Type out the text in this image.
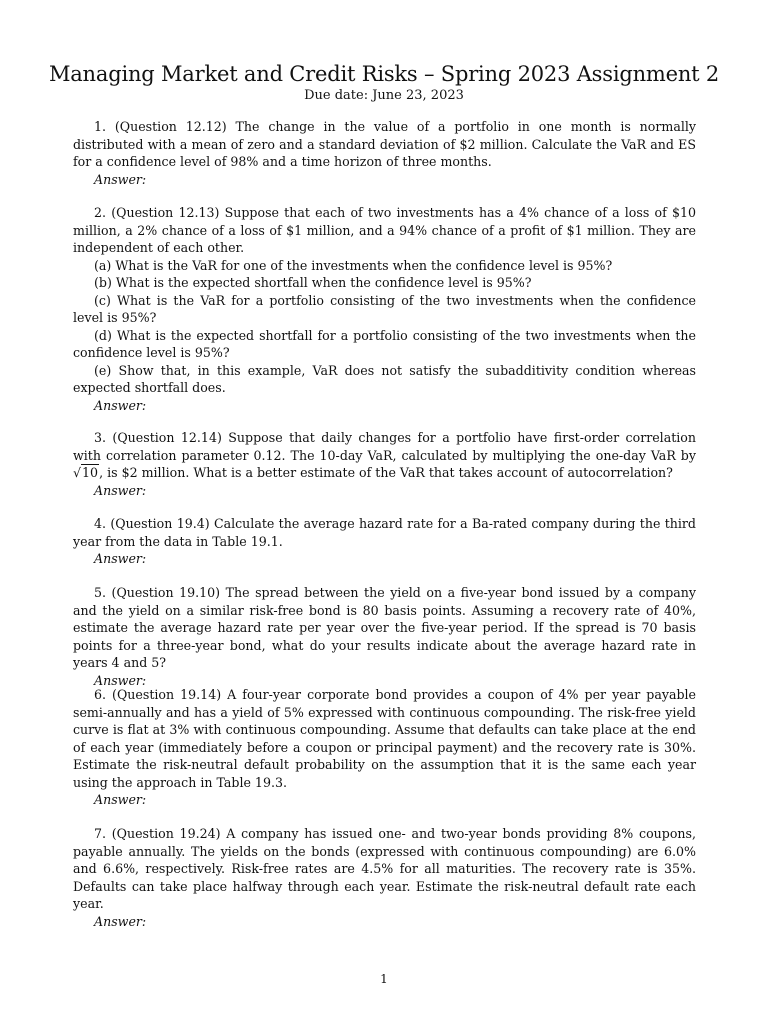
Managing Market and Credit Risks – Spring 2023 Assignment 2
Due date: June 23, 2023

1. (Question 12.12) The change in the value of a portfolio in one month is normally distributed with a mean of zero and a standard deviation of $2 million. Calculate the VaR and ES for a confidence level of 98% and a time horizon of three months.

Answer:

2. (Question 12.13) Suppose that each of two investments has a 4% chance of a loss of $10 million, a 2% chance of a loss of $1 million, and a 94% chance of a profit of $1 million. They are independent of each other.

(a) What is the VaR for one of the investments when the confidence level is 95%?

(b) What is the expected shortfall when the confidence level is 95%?

(c) What is the VaR for a portfolio consisting of the two investments when the confidence level is 95%?

(d) What is the expected shortfall for a portfolio consisting of the two investments when the confidence level is 95%?

(e) Show that, in this example, VaR does not satisfy the subadditivity condition whereas expected shortfall does.

Answer:

3. (Question 12.14) Suppose that daily changes for a portfolio have first-order correlation with correlation parameter 0.12. The 10-day VaR, calculated by multiplying the one-day VaR by √10, is $2 million. What is a better estimate of the VaR that takes account of autocorrelation?

Answer:

4. (Question 19.4) Calculate the average hazard rate for a Ba-rated company during the third year from the data in Table 19.1.

Answer:

5. (Question 19.10) The spread between the yield on a five-year bond issued by a company and the yield on a similar risk-free bond is 80 basis points. Assuming a recovery rate of 40%, estimate the average hazard rate per year over the five-year period. If the spread is 70 basis points for a three-year bond, what do your results indicate about the average hazard rate in years 4 and 5?

Answer:

6. (Question 19.14) A four-year corporate bond provides a coupon of 4% per year payable semi-annually and has a yield of 5% expressed with continuous compounding. The risk-free yield curve is flat at 3% with continuous compounding. Assume that defaults can take place at the end of each year (immediately before a coupon or principal payment) and the recovery rate is 30%. Estimate the risk-neutral default probability on the assumption that it is the same each year using the approach in Table 19.3.

Answer:

7. (Question 19.24) A company has issued one- and two-year bonds providing 8% coupons, payable annually. The yields on the bonds (expressed with continuous compounding) are 6.0% and 6.6%, respectively. Risk-free rates are 4.5% for all maturities. The recovery rate is 35%. Defaults can take place halfway through each year. Estimate the risk-neutral default rate each year.

Answer:

1
